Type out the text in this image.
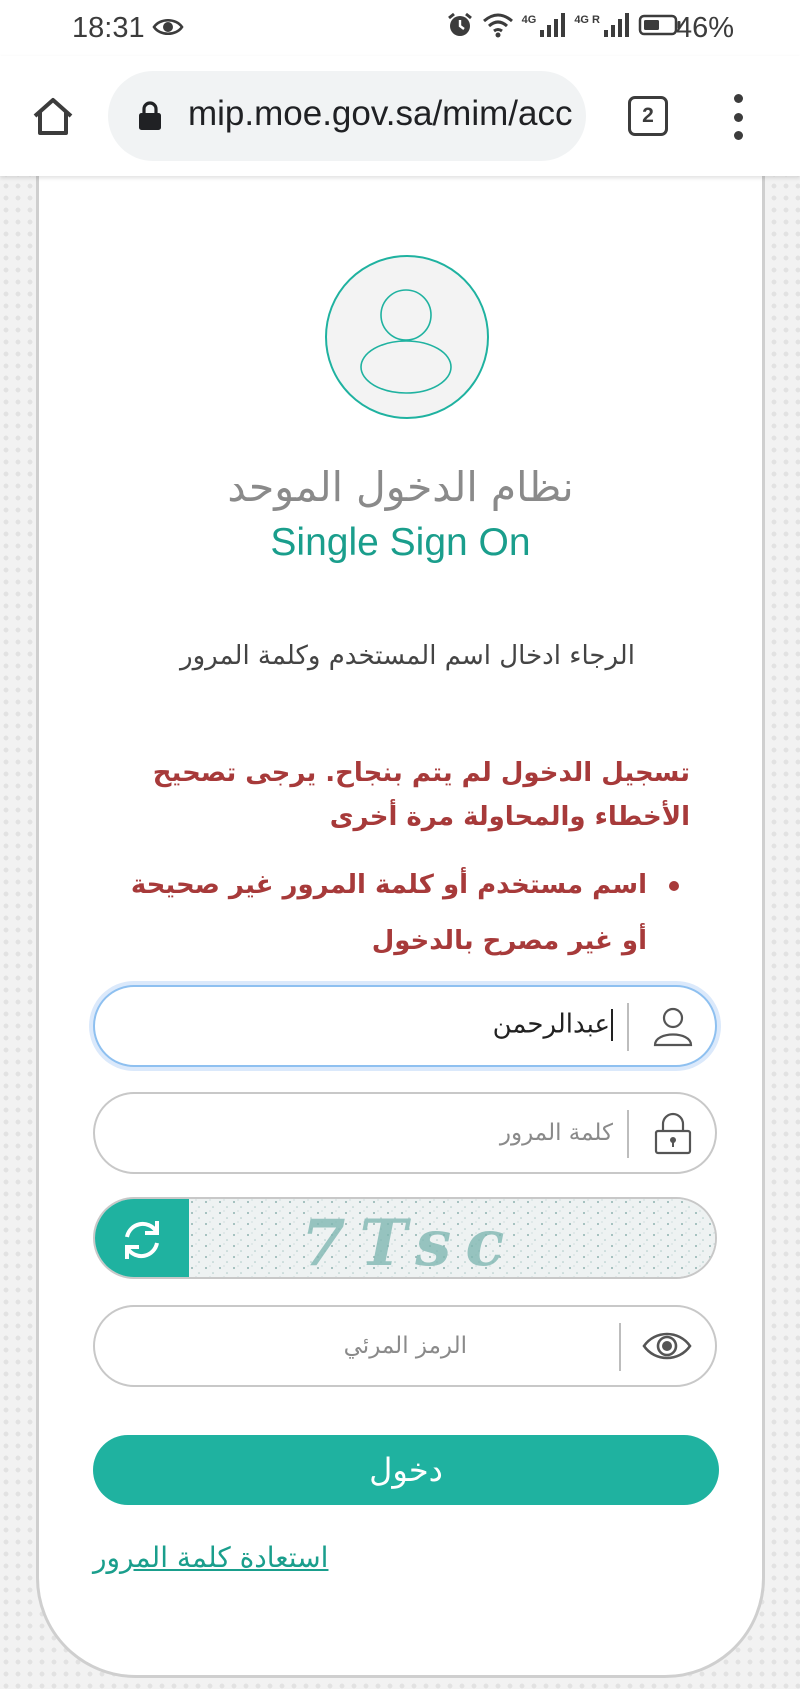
18:31	4G	4G R	46%
mip.moe.gov.sa/mim/acc	2
نظام الدخول الموحد
Single Sign On
الرجاء ادخال اسم المستخدم وكلمة المرور
تسجيل الدخول لم يتم بنجاح. يرجى تصحيح الأخطاء والمحاولة مرة أخرى
اسم مستخدم أو كلمة المرور غير صحيحة أو غير مصرح بالدخول
عبدالرحمن
كلمة المرور
7Tsc
الرمز المرئي
دخول
استعادة كلمة المرور
